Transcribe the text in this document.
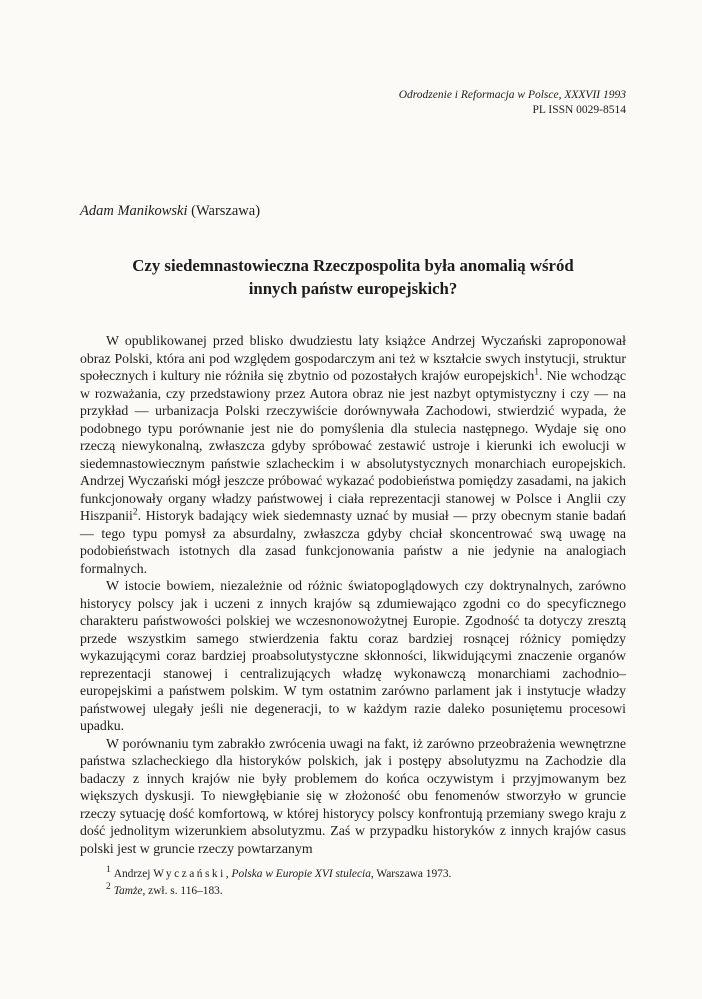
Odrodzenie i Reformacja w Polsce, XXXVII 1993
PL ISSN 0029-8514
Adam Manikowski (Warszawa)
Czy siedemnastowieczna Rzeczpospolita była anomalią wśród innych państw europejskich?

W opublikowanej przed blisko dwudziestu laty książce Andrzej Wyczański zaproponował obraz Polski, która ani pod względem gospodarczym ani też w kształcie swych instytucji, struktur społecznych i kultury nie różniła się zbytnio od pozostałych krajów europejskich$^1$. Nie wchodząc w rozważania, czy przedstawiony przez Autora obraz nie jest nazbyt optymistyczny i czy — na przykład — urbanizacja Polski rzeczywiście dorównywała Zachodowi, stwierdzić wypada, że podobnego typu porównanie jest nie do pomyślenia dla stulecia następnego. Wydaje się ono rzeczą niewykonalną, zwłaszcza gdyby spróbować zestawić ustroje i kierunki ich ewolucji w siedemnastowiecznym państwie szlacheckim i w absolutystycznych monarchiach europejskich. Andrzej Wyczański mógł jeszcze próbować wykazać podobieństwa pomiędzy zasadami, na jakich funkcjonowały organy władzy państwowej i ciała reprezentacji stanowej w Polsce i Anglii czy Hiszpanii$^2$. Historyk badający wiek siedemnasty uznać by musiał — przy obecnym stanie badań — tego typu pomysł za absurdalny, zwłaszcza gdyby chciał skoncentrować swą uwagę na podobieństwach istotnych dla zasad funkcjonowania państw a nie jedynie na analogiach formalnych.

W istocie bowiem, niezależnie od różnic światopoglądowych czy doktrynalnych, zarówno historycy polscy jak i uczeni z innych krajów są zdumiewająco zgodni co do specyficznego charakteru państwowości polskiej we wczesnonowożytnej Europie. Zgodność ta dotyczy zresztą przede wszystkim samego stwierdzenia faktu coraz bardziej rosnącej różnicy pomiędzy wykazującymi coraz bardziej proabsolutystyczne skłonności, likwidującymi znaczenie organów reprezentacji stanowej i centralizujących władzę wykonawczą monarchiami zachodnio–europejskimi a państwem polskim. W tym ostatnim zarówno parlament jak i instytucje władzy państwowej ulegały jeśli nie degeneracji, to w każdym razie daleko posuniętemu procesowi upadku.

W porównaniu tym zabrakło zwrócenia uwagi na fakt, iż zarówno przeobrażenia wewnętrzne państwa szlacheckiego dla historyków polskich, jak i postępy absolutyzmu na Zachodzie dla badaczy z innych krajów nie były problemem do końca oczywistym i przyjmowanym bez większych dyskusji. To niewgłębianie się w złożoność obu fenomenów stworzyło w gruncie rzeczy sytuację dość komfortową, w której historycy polscy konfrontują przemiany swego kraju z dość jednolitym wizerunkiem absolutyzmu. Zaś w przypadku historyków z innych krajów casus polski jest w gruncie rzeczy powtarzanym

$^1$ Andrzej Wyczański, Polska w Europie XVI stulecia, Warszawa 1973.
$^2$ Tamże, zwł. s. 116–183.
